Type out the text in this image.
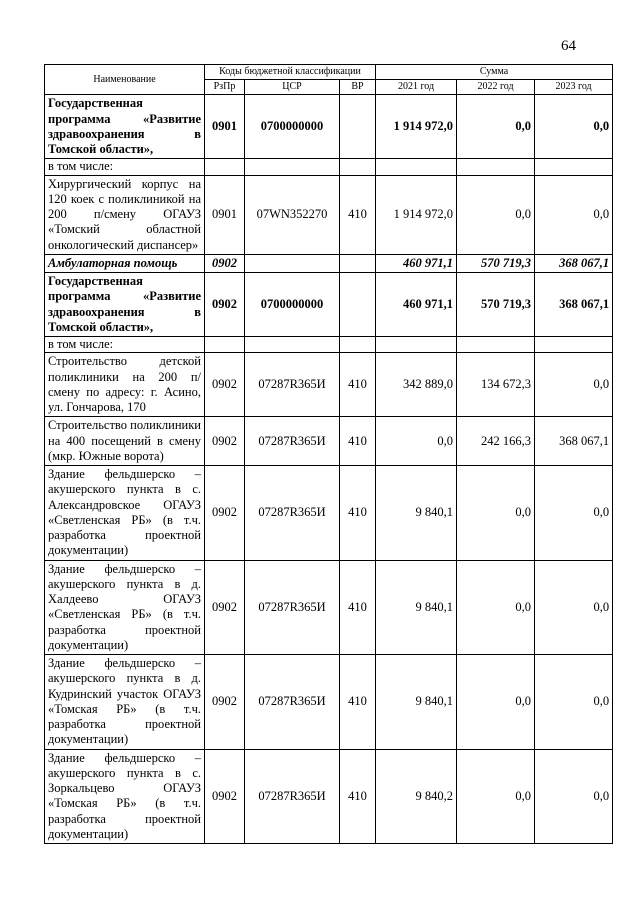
64
Наименование	Коды бюджетной классификации			Сумма		
	РзПр	ЦСР	ВР	2021 год	2022 год	2023 год
Государственная программа «Развитие здравоохранения в Томской области»,	0901	0700000000		1 914 972,0	0,0	0,0
в том числе:						
Хирургический корпус на 120 коек с поликлиникой на 200 п/смену ОГАУЗ «Томский областной онкологический диспансер»	0901	07WN352270	410	1 914 972,0	0,0	0,0
Амбулаторная помощь	0902			460 971,1	570 719,3	368 067,1
Государственная программа «Развитие здравоохранения в Томской области»,	0902	0700000000		460 971,1	570 719,3	368 067,1
в том числе:						
Строительство детской поликлиники на 200 п/смену по адресу: г. Асино, ул. Гончарова, 170	0902	07287R365И	410	342 889,0	134 672,3	0,0
Строительство поликлиники на 400 посещений в смену (мкр. Южные ворота)	0902	07287R365И	410	0,0	242 166,3	368 067,1
Здание фельдшерско – акушерского пункта в с. Александровское ОГАУЗ «Светленская РБ» (в т.ч. разработка проектной документации)	0902	07287R365И	410	9 840,1	0,0	0,0
Здание фельдшерско – акушерского пункта в д. Халдеево ОГАУЗ «Светленская РБ» (в т.ч. разработка проектной документации)	0902	07287R365И	410	9 840,1	0,0	0,0
Здание фельдшерско – акушерского пункта в д. Кудринский участок ОГАУЗ «Томская РБ» (в т.ч. разработка проектной документации)	0902	07287R365И	410	9 840,1	0,0	0,0
Здание фельдшерско – акушерского пункта в с. Зоркальцево ОГАУЗ «Томская РБ» (в т.ч. разработка проектной документации)	0902	07287R365И	410	9 840,2	0,0	0,0
